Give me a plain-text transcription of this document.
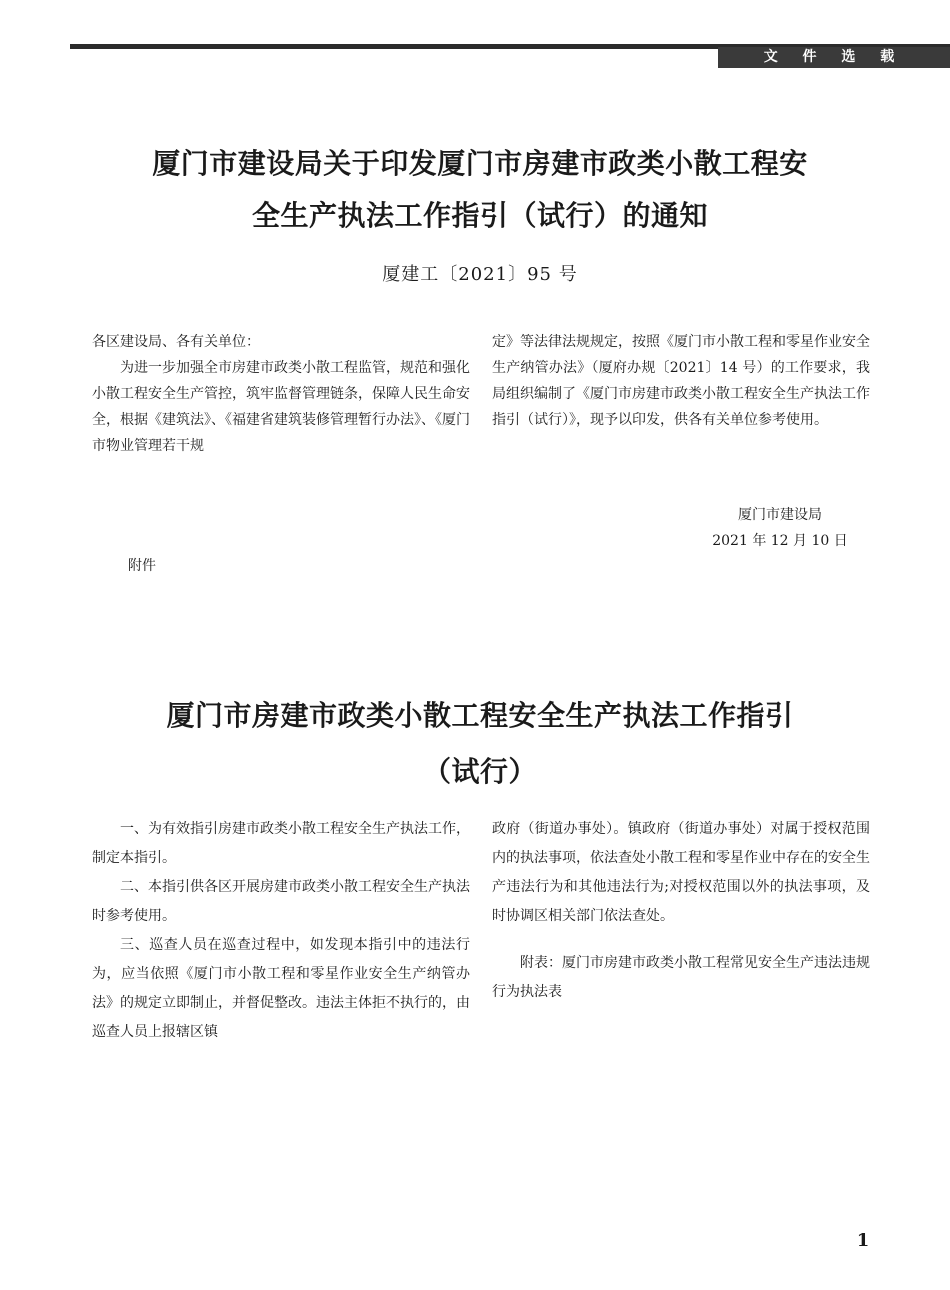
文 件 选 载
厦门市建设局关于印发厦门市房建市政类小散工程安
全生产执法工作指引（试行）的通知
厦建工〔2021〕95 号

各区建设局、各有关单位：

为进一步加强全市房建市政类小散工程监管，规范和强化小散工程安全生产管控，筑牢监督管理链条，保障人民生命安全，根据《建筑法》、《福建省建筑装修管理暂行办法》、《厦门市物业管理若干规

定》等法律法规规定，按照《厦门市小散工程和零星作业安全生产纳管办法》（厦府办规〔2021〕14 号）的工作要求，我局组织编制了《厦门市房建市政类小散工程安全生产执法工作指引（试行）》，现予以印发，供各有关单位参考使用。

厦门市建设局
2021 年 12 月 10 日
附件
厦门市房建市政类小散工程安全生产执法工作指引
（试行）

一、为有效指引房建市政类小散工程安全生产执法工作，制定本指引。

二、本指引供各区开展房建市政类小散工程安全生产执法时参考使用。

三、巡查人员在巡查过程中，如发现本指引中的违法行为，应当依照《厦门市小散工程和零星作业安全生产纳管办法》的规定立即制止，并督促整改。违法主体拒不执行的，由巡查人员上报辖区镇

政府（街道办事处）。镇政府（街道办事处）对属于授权范围内的执法事项，依法查处小散工程和零星作业中存在的安全生产违法行为和其他违法行为;对授权范围以外的执法事项，及时协调区相关部门依法查处。

附表：厦门市房建市政类小散工程常见安全生产违法违规行为执法表

1
